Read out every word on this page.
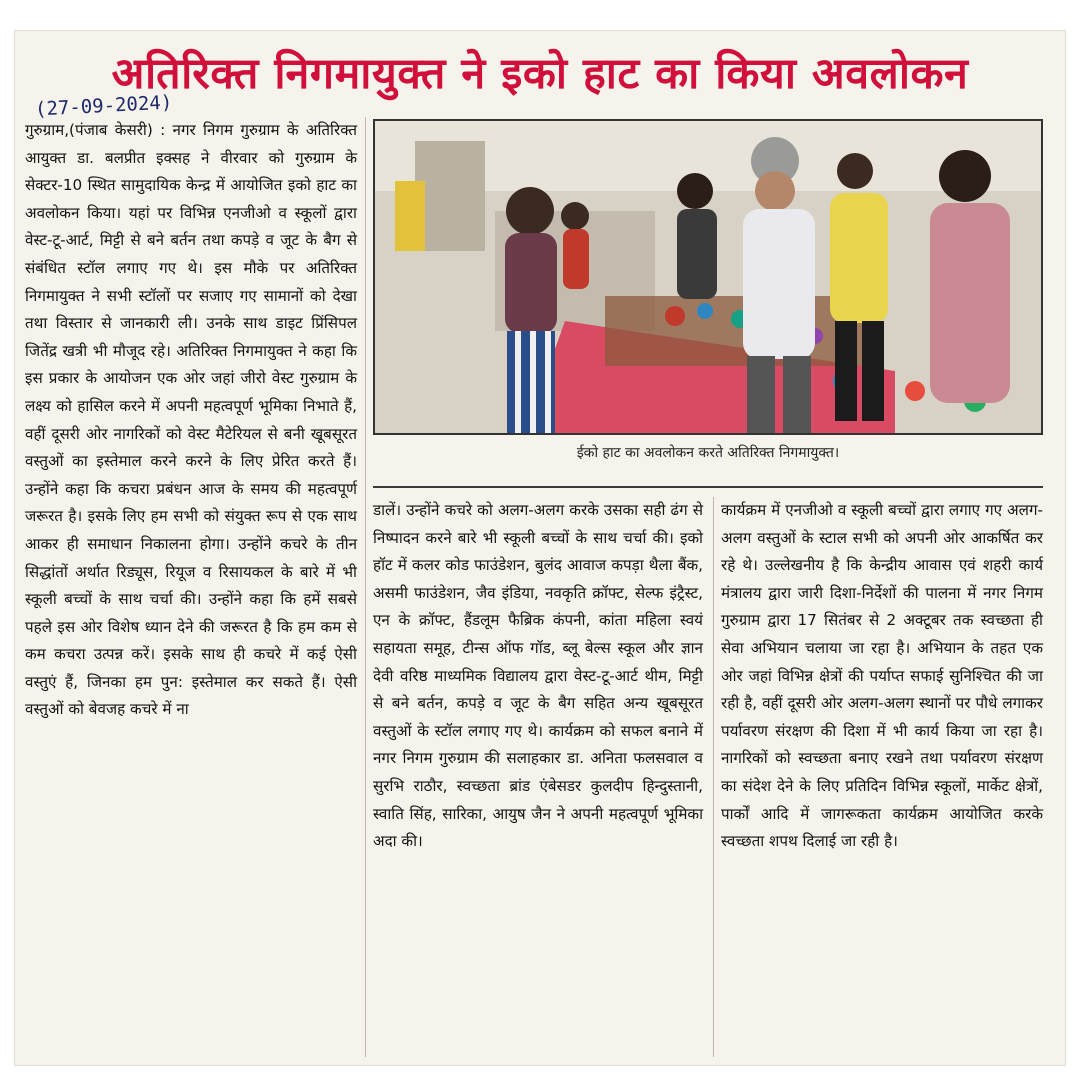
अतिरिक्त निगमायुक्त ने इको हाट का किया अवलोकन
(27-09-2024)

गुरुग्राम,(पंजाब केसरी) : नगर निगम गुरुग्राम के अतिरिक्त आयुक्त डा. बलप्रीत इक्सह ने वीरवार को गुरुग्राम के सेक्टर-10 स्थित सामुदायिक केन्द्र में आयोजित इको हाट का अवलोकन किया। यहां पर विभिन्न एनजीओ व स्कूलों द्वारा वेस्ट-टू-आर्ट, मिट्टी से बने बर्तन तथा कपड़े व जूट के बैग से संबंधित स्टॉल लगाए गए थे। इस मौके पर अतिरिक्त निगमायुक्त ने सभी स्टॉलों पर सजाए गए सामानों को देखा तथा विस्तार से जानकारी ली। उनके साथ डाइट प्रिंसिपल जितेंद्र खत्री भी मौजूद रहे। अतिरिक्त निगमायुक्त ने कहा कि इस प्रकार के आयोजन एक ओर जहां जीरो वेस्ट गुरुग्राम के लक्ष्य को हासिल करने में अपनी महत्वपूर्ण भूमिका निभाते हैं, वहीं दूसरी ओर नागरिकों को वेस्ट मैटेरियल से बनी खूबसूरत वस्तुओं का इस्तेमाल करने करने के लिए प्रेरित करते हैं। उन्होंने कहा कि कचरा प्रबंधन आज के समय की महत्वपूर्ण जरूरत है। इसके लिए हम सभी को संयुक्त रूप से एक साथ आकर ही समाधान निकालना होगा। उन्होंने कचरे के तीन सिद्धांतों अर्थात रिड्यूस, रियूज व रिसायकल के बारे में भी स्कूली बच्चों के साथ चर्चा की। उन्होंने कहा कि हमें सबसे पहले इस ओर विशेष ध्यान देने की जरूरत है कि हम कम से कम कचरा उत्पन्न करें। इसके साथ ही कचरे में कई ऐसी वस्तुएं हैं, जिनका हम पुन: इस्तेमाल कर सकते हैं। ऐसी वस्तुओं को बेवजह कचरे में ना

ईको हाट का अवलोकन करते अतिरिक्त निगमायुक्त।

डालें। उन्होंने कचरे को अलग-अलग करके उसका सही ढंग से निष्पादन करने बारे भी स्कूली बच्चों के साथ चर्चा की। इको हॉट में कलर कोड फाउंडेशन, बुलंद आवाज कपड़ा थैला बैंक, असमी फाउंडेशन, जैव इंडिया, नवकृति क्रॉफ्ट, सेल्फ इंट्रैस्ट, एन के क्रॉफ्ट, हैंडलूम फैब्रिक कंपनी, कांता महिला स्वयं सहायता समूह, टीन्स ऑफ गॉड, ब्लू बेल्स स्कूल और ज्ञान देवी वरिष्ठ माध्यमिक विद्यालय द्वारा वेस्ट-टू-आर्ट थीम, मिट्टी से बने बर्तन, कपड़े व जूट के बैग सहित अन्य खूबसूरत वस्तुओं के स्टॉल लगाए गए थे। कार्यक्रम को सफल बनाने में नगर निगम गुरुग्राम की सलाहकार डा. अनिता फलसवाल व सुरभि राठौर, स्वच्छता ब्रांड एंबेसडर कुलदीप हिन्दुस्तानी, स्वाति सिंह, सारिका, आयुष जैन ने अपनी महत्वपूर्ण भूमिका अदा की।

कार्यक्रम में एनजीओ व स्कूली बच्चों द्वारा लगाए गए अलग-अलग वस्तुओं के स्टाल सभी को अपनी ओर आकर्षित कर रहे थे। उल्लेखनीय है कि केन्द्रीय आवास एवं शहरी कार्य मंत्रालय द्वारा जारी दिशा-निर्देशों की पालना में नगर निगम गुरुग्राम द्वारा 17 सितंबर से 2 अक्टूबर तक स्वच्छता ही सेवा अभियान चलाया जा रहा है। अभियान के तहत एक ओर जहां विभिन्न क्षेत्रों की पर्याप्त सफाई सुनिश्चित की जा रही है, वहीं दूसरी ओर अलग-अलग स्थानों पर पौधे लगाकर पर्यावरण संरक्षण की दिशा में भी कार्य किया जा रहा है। नागरिकों को स्वच्छता बनाए रखने तथा पर्यावरण संरक्षण का संदेश देने के लिए प्रतिदिन विभिन्न स्कूलों, मार्केट क्षेत्रों, पार्कों आदि में जागरूकता कार्यक्रम आयोजित करके स्वच्छता शपथ दिलाई जा रही है।
